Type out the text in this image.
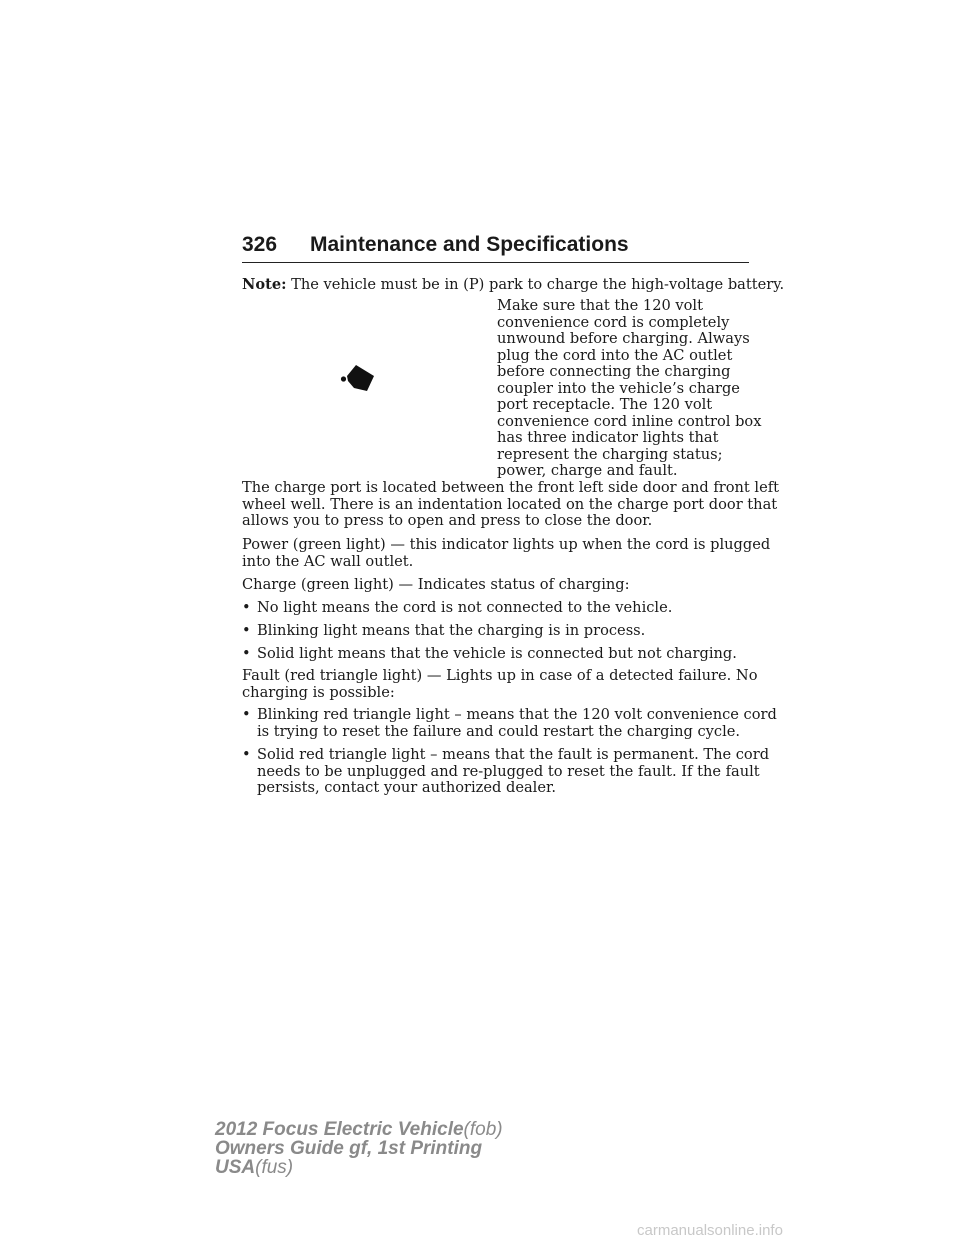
326 Maintenance and Specifications

Note: The vehicle must be in (P) park to charge the high-voltage battery.

Make sure that the 120 volt
convenience cord is completely
unwound before charging. Always
plug the cord into the AC outlet
before connecting the charging
coupler into the vehicle’s charge
port receptacle. The 120 volt
convenience cord inline control box
has three indicator lights that
represent the charging status;
power, charge and fault.
The charge port is located between the front left side door and front left
wheel well. There is an indentation located on the charge port door that
allows you to press to open and press to close the door.
Power (green light) — this indicator lights up when the cord is plugged
into the AC wall outlet.
Charge (green light) — Indicates status of charging:
• No light means the cord is not connected to the vehicle.
• Blinking light means that the charging is in process.
• Solid light means that the vehicle is connected but not charging.
Fault (red triangle light) — Lights up in case of a detected failure. No
charging is possible:
• Blinking red triangle light – means that the 120 volt convenience cord
is trying to reset the failure and could restart the charging cycle.
• Solid red triangle light – means that the fault is permanent. The cord
needs to be unplugged and re-plugged to reset the fault. If the fault
persists, contact your authorized dealer.
2012 Focus Electric Vehicle(fob)
Owners Guide gf, 1st Printing
USA(fus)
carmanualsonline.info
